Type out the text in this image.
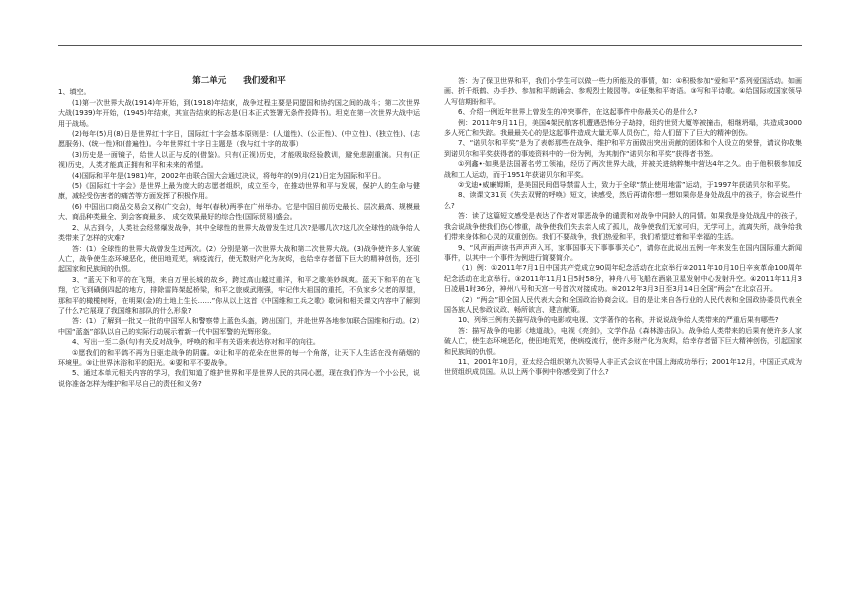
第二单元　　我们爱和平

1、填空。

(1)第一次世界大战(1914)年开始，到(1918)年结束，战争过程主要是同盟国和协约国之间的战斗；第二次世界大战(1939)年开始，(1945)年结束，其宣告结束的标志是(日本正式签署无条件投降书)。坦克在第一次世界大战中运用于战场。

(2)每年(5)月(8)日是世界红十字日，国际红十字会基本原则是：(人道性)、(公正性)、(中立性)、(独立性)、(志愿服务)、(统一性)和(普遍性)。今年世界红十字日主题是（我与红十字的故事）

(3)历史是一面镜子，给世人以正与反的(借鉴)。只有(正视)历史，才能吸取经验教训，避免悲剧重演。只有(正视)历史，人类才能真正拥有和平和未来的希望。

(4)国际和平年是(1981)年，2002年由联合国大会通过决议，将每年的(9)月(21)日定为国际和平日。

(5)《国际红十字会》是世界上最为庞大的志愿者组织，成立至今，在推动世界和平与发展，保护人的生命与健康，减轻受伤害者的痛苦等方面发挥了积极作用。

(6) 中国出口商品交易会又称(广交会)，每年(春秋)两季在广州举办。它是中国目前历史最长、层次最高、规模最大、商品种类最全、到会客商最多、 成交效果最好的综合性(国际贸易)盛会。

2、从古到今，人类社会经常爆发战争，其中全球性的世界大战曾发生过几次?是哪几次?这几次全球性的战争给人类带来了怎样的灾难?

答：(1）全球性的世界大战曾发生过两次。(2）分别是第一次世界大战和第二次世界大战。(3)战争使许多人家破人亡，战争使生态环境恶化，使田地荒芜，病疫流行，使无数财产化为灰烬，也给幸存者留下巨大的精神创伤，还引起国家和民族间的仇恨。

3、“蓝天下和平的在飞翔，来自万里长城的故乡，跨过高山越过重洋，和平之歌美妙飒爽。蓝天下和平的在飞翔，它飞到磺倒四起的地方，排除雷阵架起桥梁，和平之旅威武刚强，牢记伟大祖国的重托，不负家乡父老的厚望，那和平的橄榄树呀，在明果(金)的土地上生长……”你从以上这首《中国维和工兵之歌》歌词和相关课文内容中了解到了什么?它展现了我国维和部队的什么形象?

答：(1）了解到一批又一批的中国军人和警察带上蓝色头盔，跨出国门，并赴世界各地参加联合国维和行动。(2）中国“蓝盔”部队以自己的实际行动展示着新一代中国军警的光辉形象。

4、写出一至二条(句)有关反对战争，呼唤的和平有关语来表达你对和平的向往。

①愿我们的和平鸽不再为日驱走战争的阴霾。②让和平的花朵在世界的每一个角落，让天下人生活在没有硝烟的环境里。③让世界沐浴和平的阳光。④要和平不要战争。

5、通过本单元相关内容的学习，我们知道了维护世界和平是世界人民的共同心愿，现在我们作为一个小公民，说说你准备怎样为维护和平尽自己的责任和义务?

答：为了保卫世界和平，我们小学生可以做一些力所能及的事情，如：①积极参加“爱和平”系列爱国活动。如画画、折千纸鹤、办手抄、参加和平朗诵会、参观烈士陵园等。②征集和平寄语。③写和平诗歌。④给国际或国家领导人写信期盼和平。

6、介绍一例近年世界上曾发生的冲突事件，在这起事件中你最关心的是什么?

例：2011年9月11日，美国4架民航客机遭遇恐怖分子劫持，纽约世贸大厦等被撞击，相继坍塌，共造成3000多人死亡和失踪。我最最关心的是这起事件造成大量无辜人员伤亡，给人们留下了巨大的精神创伤。

7、“诺贝尔和平奖”是为了表彰那些在战争、维护和平方面做出突出贡献的团体和个人设立的荣誉，请议你收集到诺贝尔和平奖获得者的事迹资料中的一份为例，为其制作“诺贝尔和平奖”获得者书签。

①列鑫•·如奥是法国著名劳工领袖，经历了两次世界大战，并被关进纳粹集中营达4年之久。由于他积极参加反战和工人运动，而于1951年获诺贝尔和平奖。

②戈迪•威廉姆斯，是美国民间倡导禁雷人士，致力于全球“禁止使用地雷”运动，于1997年获诺贝尔和平奖。

8、读课文31页《失去双臂的呼唤》短文，读感受，然后再请你想一想如果你是身处战乱中的孩子，你会说些什么?

答：读了这篇短文感受是表达了作者对罪恶战争的谴责和对战争中同龄人的同情。如果我是身处战乱中的孩子，我会说战争使我们伤心惨重，战争使我们失去亲人成了孤儿，战争使我们无家可归，无学可上，流离失所，战争给我们带来身体和心灵的双重创伤。我们不要战争，我们热爱和平，我们希望过着和平幸福的生活。

9、“风声雨声读书声声声入耳，家事国事天下事事事关心”，请你在此说出五例一年来发生在国内国际重大新闻事件，以其中一个事件为例进行简要简介。

（1）例：①2011年7月1日中国共产党成立90周年纪念活动在北京举行②2011年10月10日辛亥革命100周年纪念活动在北京举行。③2011年11月1日5时58分，神舟八号飞船在酒泉卫星发射中心发射升空。④2011年11月3日凌晨1时36分，神州八号和天宫一号首次对接成功。⑤2012年3月3日至3月14日全国“两会”在北京召开。

（2）“两会”即全国人民代表大会和全国政治协商会议。目的是让来自各行业的人民代表和全国政协委员代表全国各族人民参政议政、畅所欲言、建言献策。

10、列举三例有关描写战争的电影或电视、文学著作的名称，并说说战争给人类带来的严重后果有哪些?

答：描写战争的电影《地道战》，电视《亮剑》，文学作品《森林游击队》。战争给人类带来的后果有使许多人家破人亡，使生态环境恶化，使田地荒芜，使病疫流行，使许多财产化为灰烬，给幸存者留下巨大精神创伤，引起国家和民族间的仇恨。

11、2001年10月，亚太经合组织第九次领导人非正式会议在中国上海成功举行；2001年12月，中国正式成为世贸组织成员国。从以上两个事例中你感受到了什么?
